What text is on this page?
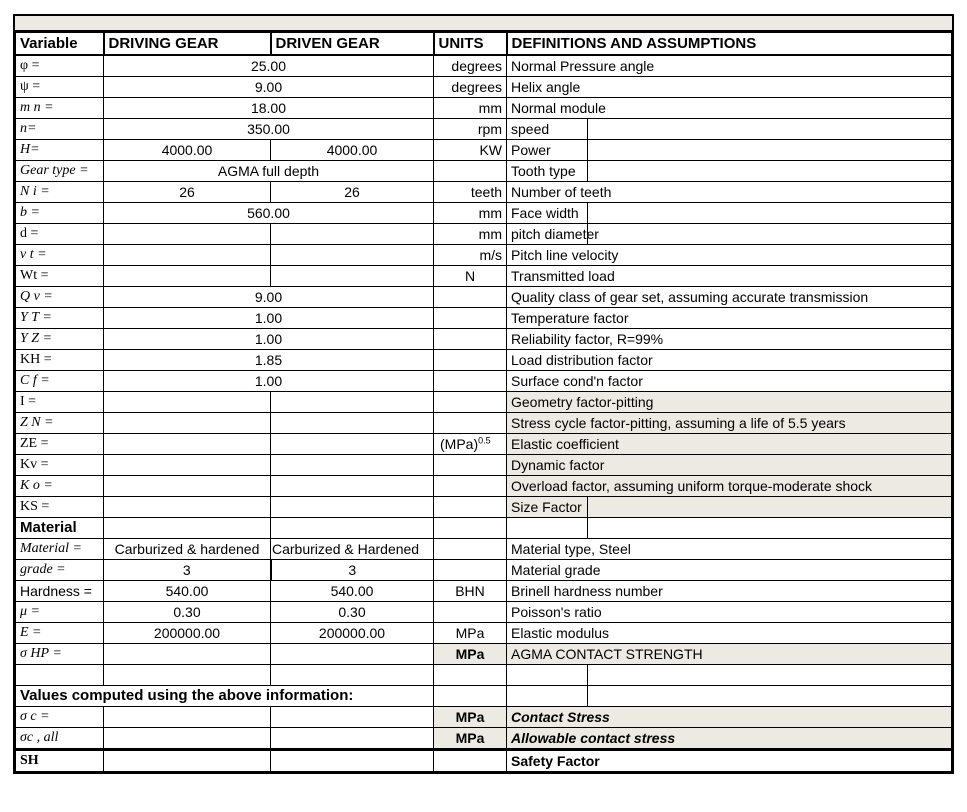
Variable	DRIVING GEAR	DRIVEN GEAR	UNITS	DEFINITIONS AND ASSUMPTIONS	
φ =	25.00		degrees	Normal Pressure angle	
ψ =	9.00		degrees	Helix angle	
m n =	18.00		mm	Normal module	
n=	350.00		rpm	speed	
H=	4000.00	4000.00	KW	Power	
Gear type =	AGMA full depth			Tooth type	
N i =	26	26	teeth	Number of teeth	
b =	560.00		mm	Face width	
d =			mm	pitch diameter	
v t =			m/s	Pitch line velocity	
Wt =			N	Transmitted load	
Q v =	9.00			Quality class of gear set, assuming accurate transmission	
Y T =	1.00			Temperature factor	
Y Z =	1.00			Reliability factor, R=99%	
KH =	1.85			Load distribution factor	
C f =	1.00			Surface cond'n factor	
I =				Geometry factor-pitting	
Z N =				Stress cycle factor-pitting, assuming a life of 5.5 years	
ZE =			(MPa)$^{0.5}$	Elastic coefficient	
Kv =				Dynamic factor	
K o =				Overload factor, assuming uniform torque-moderate shock	
KS =				Size Factor	
Material					
Material =	Carburized & hardened	Carburized & Hardened		Material type, Steel	
grade =	3	3		Material grade	
Hardness =	540.00	540.00	BHN	Brinell hardness number	
μ =	0.30	0.30		Poisson's ratio	
E =	200000.00	200000.00	MPa	Elastic modulus	
σ HP =			MPa	AGMA CONTACT STRENGTH	

Values computed using the above information:					
σ c =			MPa	Contact Stress	
σc , all			MPa	Allowable contact stress	
SH				Safety Factor	
